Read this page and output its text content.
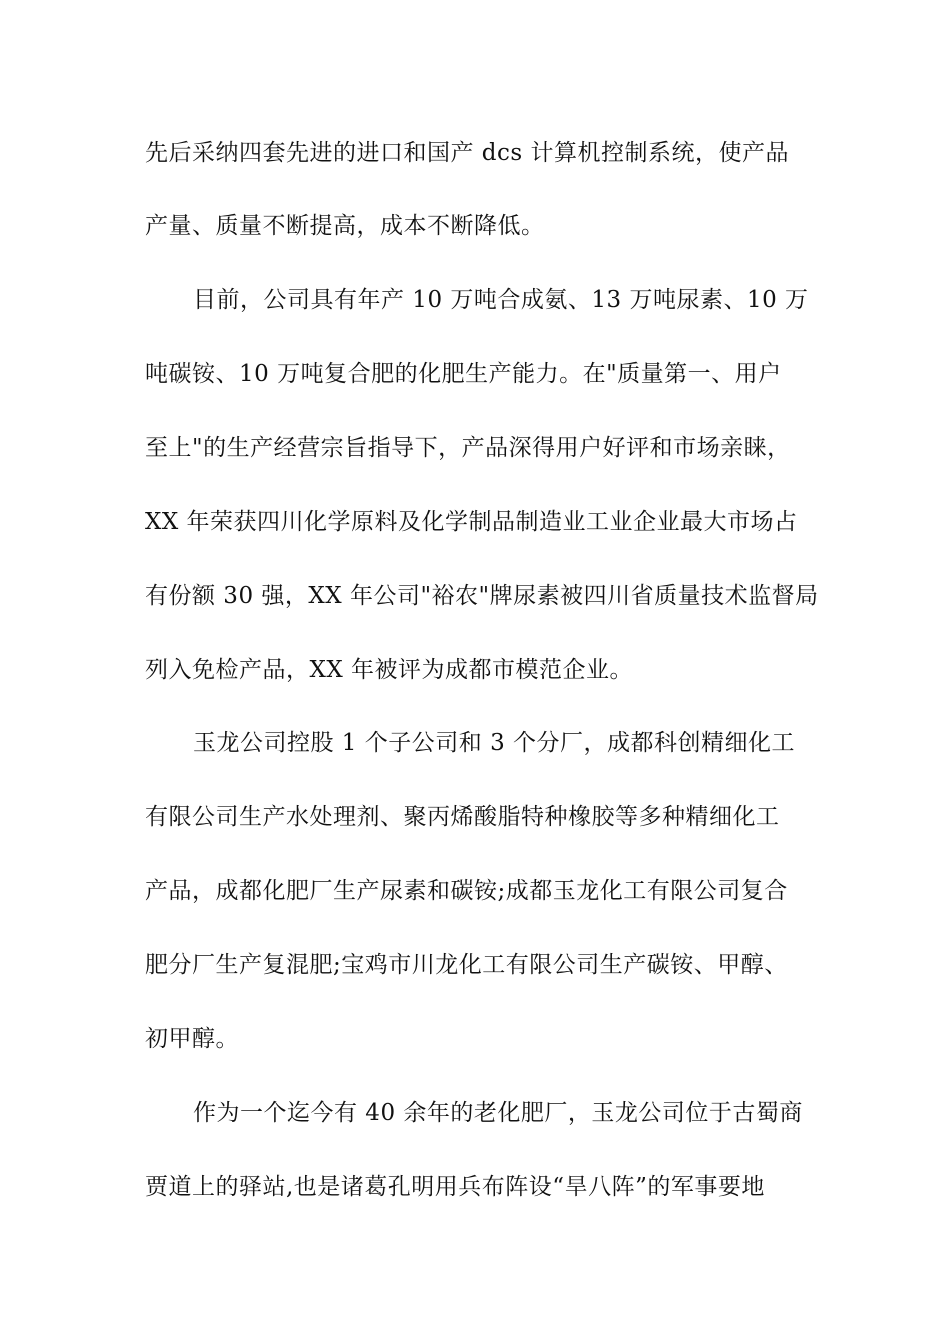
先后采纳四套先进的进口和国产 dcs 计算机控制系统，使产品
产量、质量不断提高，成本不断降低。
目前，公司具有年产 10 万吨合成氨、13 万吨尿素、10 万
吨碳铵、10 万吨复合肥的化肥生产能力。在"质量第一、用户
至上"的生产经营宗旨指导下，产品深得用户好评和市场亲睐，
XX 年荣获四川化学原料及化学制品制造业工业企业最大市场占
有份额 30 强，XX 年公司"裕农"牌尿素被四川省质量技术监督局
列入免检产品，XX 年被评为成都市模范企业。
玉龙公司控股 1 个子公司和 3 个分厂，成都科创精细化工
有限公司生产水处理剂、聚丙烯酸脂特种橡胶等多种精细化工
产品，成都化肥厂生产尿素和碳铵;成都玉龙化工有限公司复合
肥分厂生产复混肥;宝鸡市川龙化工有限公司生产碳铵、甲醇、
初甲醇。
作为一个迄今有 40 余年的老化肥厂，玉龙公司位于古蜀商
贾道上的驿站,也是诸葛孔明用兵布阵设“旱八阵”的军事要地
